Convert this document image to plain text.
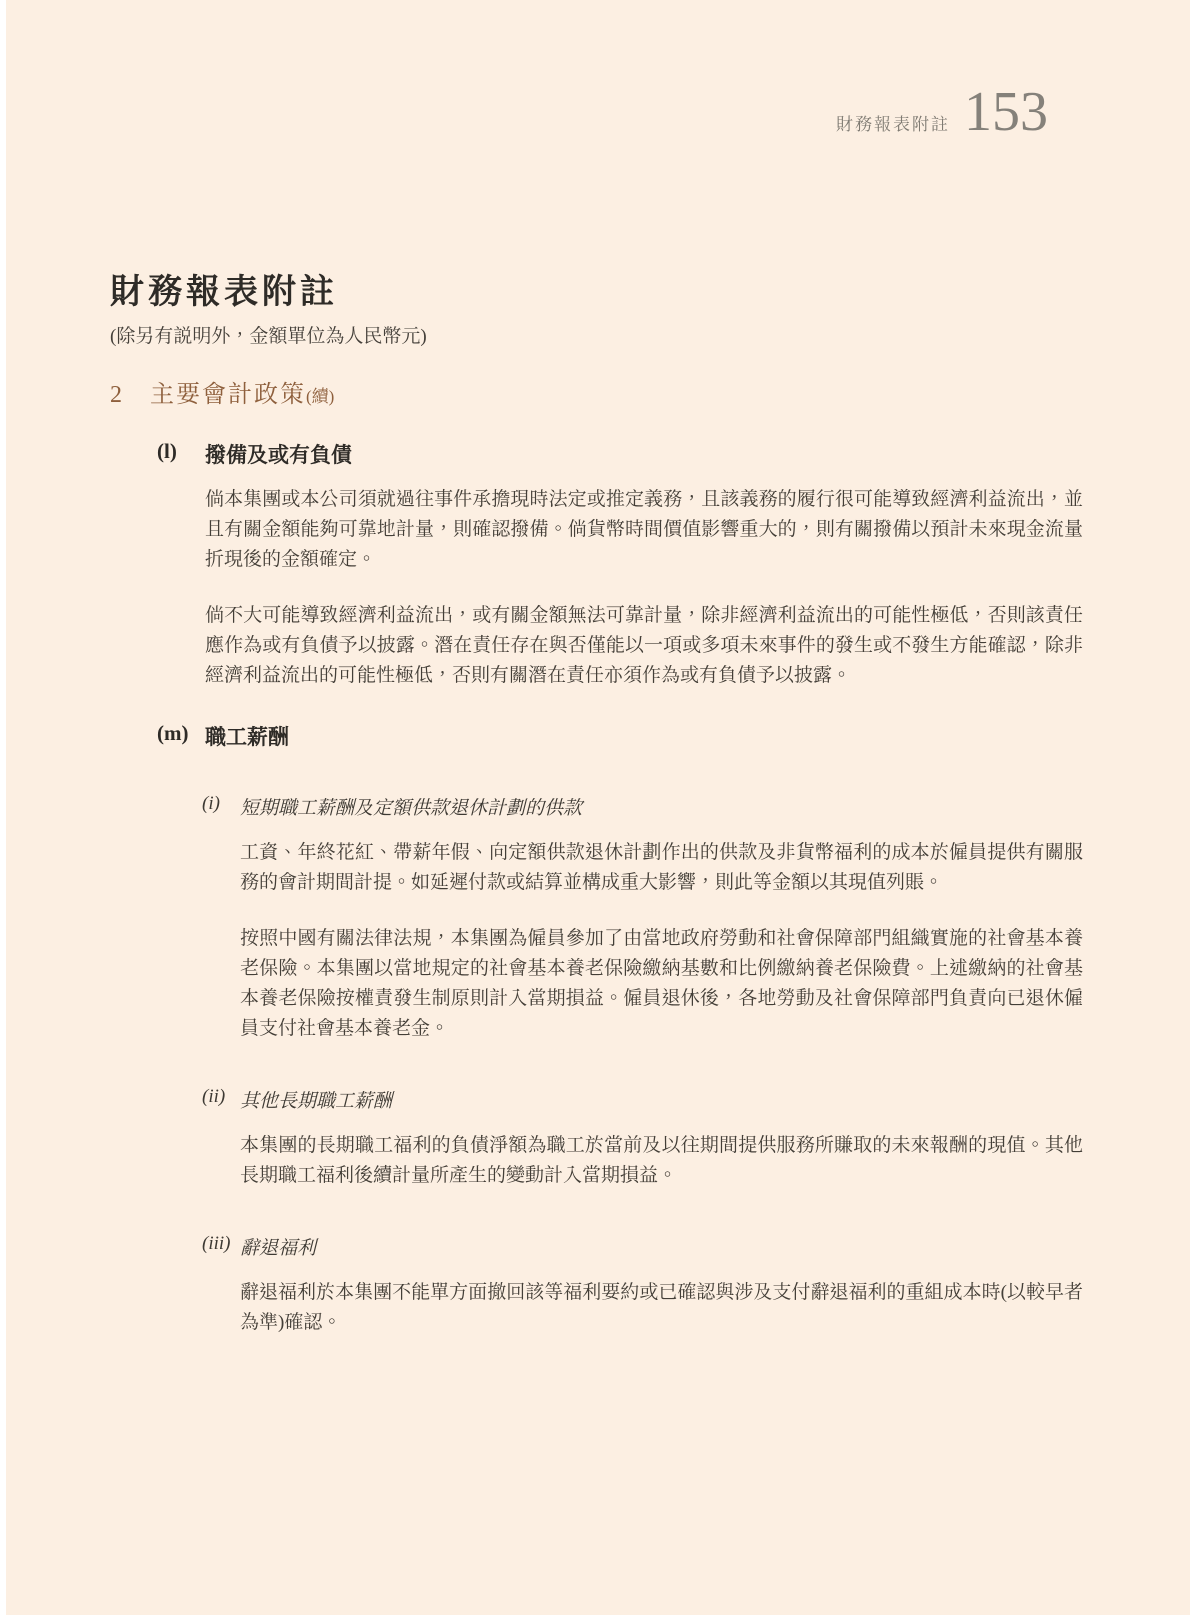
財務報表附註 153
財務報表附註
(除另有説明外，金額單位為人民幣元)
2	主要會計政策(續)
(l)	撥備及或有負債

倘本集團或本公司須就過往事件承擔現時法定或推定義務，且該義務的履行很可能導致經濟利益流出，並且有關金額能夠可靠地計量，則確認撥備。倘貨幣時間價值影響重大的，則有關撥備以預計未來現金流量折現後的金額確定。

倘不大可能導致經濟利益流出，或有關金額無法可靠計量，除非經濟利益流出的可能性極低，否則該責任應作為或有負債予以披露。潛在責任存在與否僅能以一項或多項未來事件的發生或不發生方能確認，除非經濟利益流出的可能性極低，否則有關潛在責任亦須作為或有負債予以披露。

(m) 職工薪酬
(i)	短期職工薪酬及定額供款退休計劃的供款

工資、年終花紅、帶薪年假、向定額供款退休計劃作出的供款及非貨幣福利的成本於僱員提供有關服務的會計期間計提。如延遲付款或結算並構成重大影響，則此等金額以其現值列賬。

按照中國有關法律法規，本集團為僱員參加了由當地政府勞動和社會保障部門組織實施的社會基本養老保險。本集團以當地規定的社會基本養老保險繳納基數和比例繳納養老保險費。上述繳納的社會基本養老保險按權責發生制原則計入當期損益。僱員退休後，各地勞動及社會保障部門負責向已退休僱員支付社會基本養老金。

(ii) 其他長期職工薪酬

本集團的長期職工福利的負債淨額為職工於當前及以往期間提供服務所賺取的未來報酬的現值。其他長期職工福利後續計量所產生的變動計入當期損益。

(iii) 辭退福利

辭退福利於本集團不能單方面撤回該等福利要約或已確認與涉及支付辭退福利的重組成本時(以較早者為準)確認。
